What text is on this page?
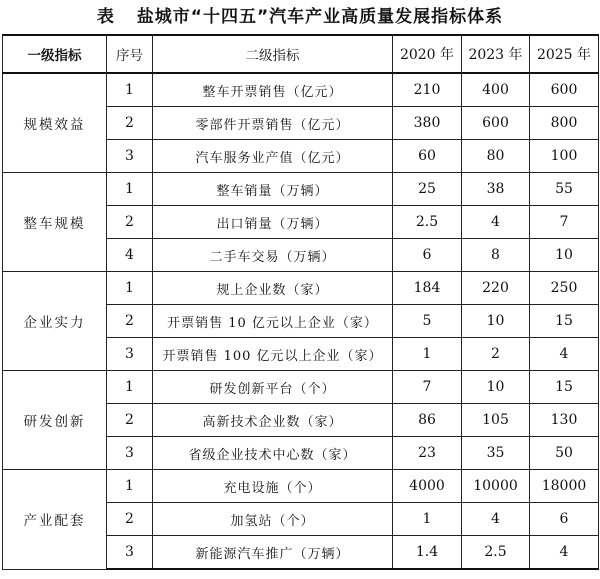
表 盐城市“十四五”汽车产业高质量发展指标体系
一级指标	序号	二级指标	2020 年	2023 年	2025 年
规模效益	1	整车开票销售（亿元）	210	400	600
	2	零部件开票销售（亿元）	380	600	800
	3	汽车服务业产值（亿元）	60	80	100
整车规模	1	整车销量（万辆）	25	38	55
	2	出口销量（万辆）	2.5	4	7
	4	二手车交易（万辆）	6	8	10
企业实力	1	规上企业数（家）	184	220	250
	2	开票销售 10 亿元以上企业（家）	5	10	15
	3	开票销售 100 亿元以上企业（家）	1	2	4
研发创新	1	研发创新平台（个）	7	10	15
	2	高新技术企业数（家）	86	105	130
	3	省级企业技术中心数（家）	23	35	50
产业配套	1	充电设施（个）	4000	10000	18000
	2	加氢站（个）	1	4	6
	3	新能源汽车推广（万辆）	1.4	2.5	4
